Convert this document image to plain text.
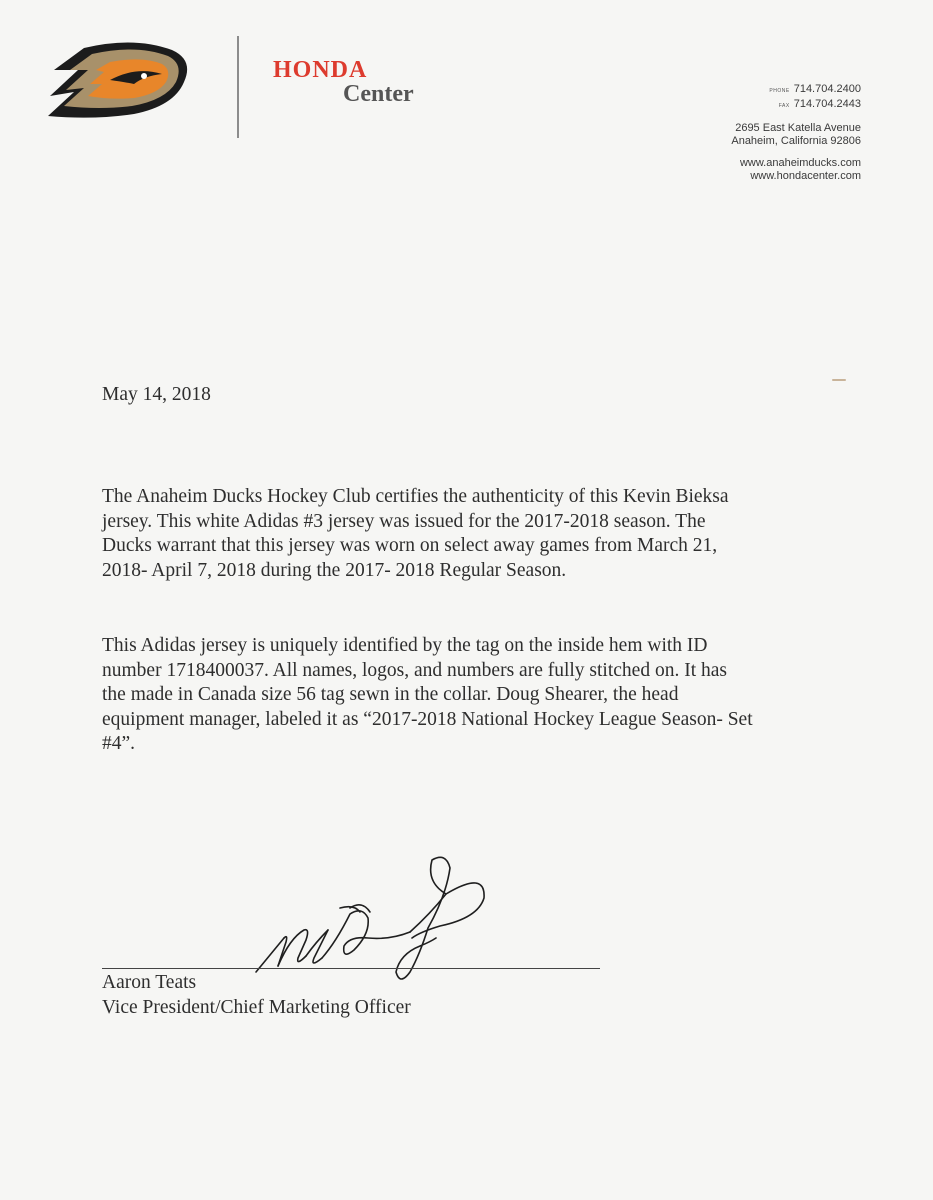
HONDA
Center	PHONE 714.704.2400
FAX 714.704.2443
2695 East Katella Avenue
Anaheim, California 92806
www.anaheimducks.com
www.hondacenter.com
May 14, 2018
The Anaheim Ducks Hockey Club certifies the authenticity of this Kevin Bieksa
jersey. This white Adidas #3 jersey was issued for the 2017-2018 season. The
Ducks warrant that this jersey was worn on select away games from March 21,
2018- April 7, 2018 during the 2017- 2018 Regular Season.
This Adidas jersey is uniquely identified by the tag on the inside hem with ID
number 1718400037. All names, logos, and numbers are fully stitched on. It has
the made in Canada size 56 tag sewn in the collar. Doug Shearer, the head
equipment manager, labeled it as “2017-2018 National Hockey League Season- Set
#4”.
Aaron Teats
Vice President/Chief Marketing Officer
